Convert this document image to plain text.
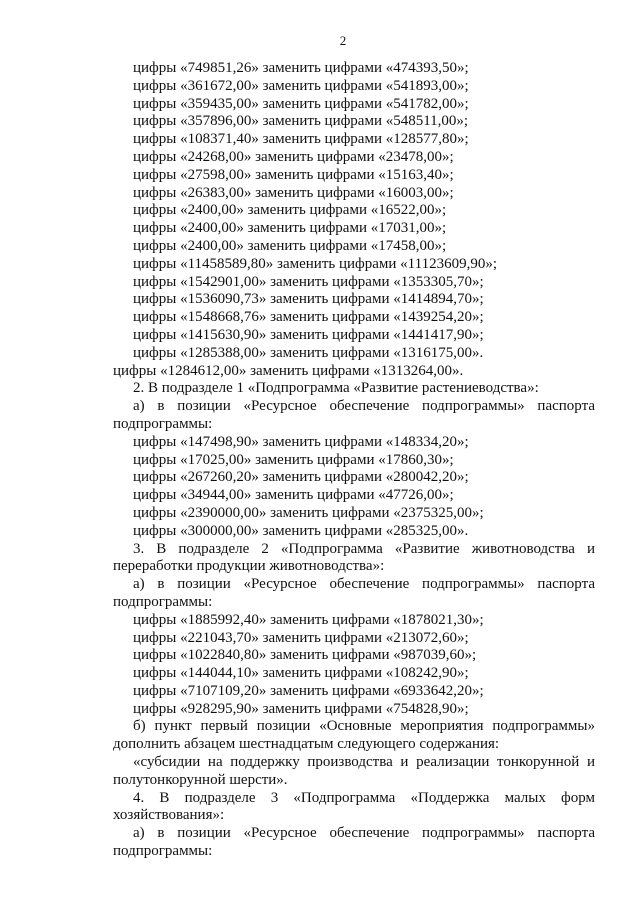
2

цифры «749851,26» заменить цифрами «474393,50»;

цифры «361672,00» заменить цифрами «541893,00»;

цифры «359435,00» заменить цифрами «541782,00»;

цифры «357896,00» заменить цифрами «548511,00»;

цифры «108371,40» заменить цифрами «128577,80»;

цифры «24268,00» заменить цифрами «23478,00»;

цифры «27598,00» заменить цифрами «15163,40»;

цифры «26383,00» заменить цифрами «16003,00»;

цифры «2400,00» заменить цифрами «16522,00»;

цифры «2400,00» заменить цифрами «17031,00»;

цифры «2400,00» заменить цифрами «17458,00»;

цифры «11458589,80» заменить цифрами «11123609,90»;

цифры «1542901,00» заменить цифрами «1353305,70»;

цифры «1536090,73» заменить цифрами «1414894,70»;

цифры «1548668,76» заменить цифрами «1439254,20»;

цифры «1415630,90» заменить цифрами «1441417,90»;

цифры «1285388,00» заменить цифрами «1316175,00».

цифры «1284612,00» заменить цифрами «1313264,00».

2. В подразделе 1 «Подпрограмма «Развитие растениеводства»:

а) в позиции «Ресурсное обеспечение подпрограммы» паспорта подпрограммы:

цифры «147498,90» заменить цифрами «148334,20»;

цифры «17025,00» заменить цифрами «17860,30»;

цифры «267260,20» заменить цифрами «280042,20»;

цифры «34944,00» заменить цифрами «47726,00»;

цифры «2390000,00» заменить цифрами «2375325,00»;

цифры «300000,00» заменить цифрами «285325,00».

3. В подразделе 2 «Подпрограмма «Развитие животноводства и переработки продукции животноводства»:

а) в позиции «Ресурсное обеспечение подпрограммы» паспорта подпрограммы:

цифры «1885992,40» заменить цифрами «1878021,30»;

цифры «221043,70» заменить цифрами «213072,60»;

цифры «1022840,80» заменить цифрами «987039,60»;

цифры «144044,10» заменить цифрами «108242,90»;

цифры «7107109,20» заменить цифрами «6933642,20»;

цифры «928295,90» заменить цифрами «754828,90»;

б) пункт первый позиции «Основные мероприятия подпрограммы» дополнить абзацем шестнадцатым следующего содержания:

«субсидии на поддержку производства и реализации тонкорунной и полутонкорунной шерсти».

4. В подразделе 3 «Подпрограмма «Поддержка малых форм хозяйствования»:

а) в позиции «Ресурсное обеспечение подпрограммы» паспорта подпрограммы:
